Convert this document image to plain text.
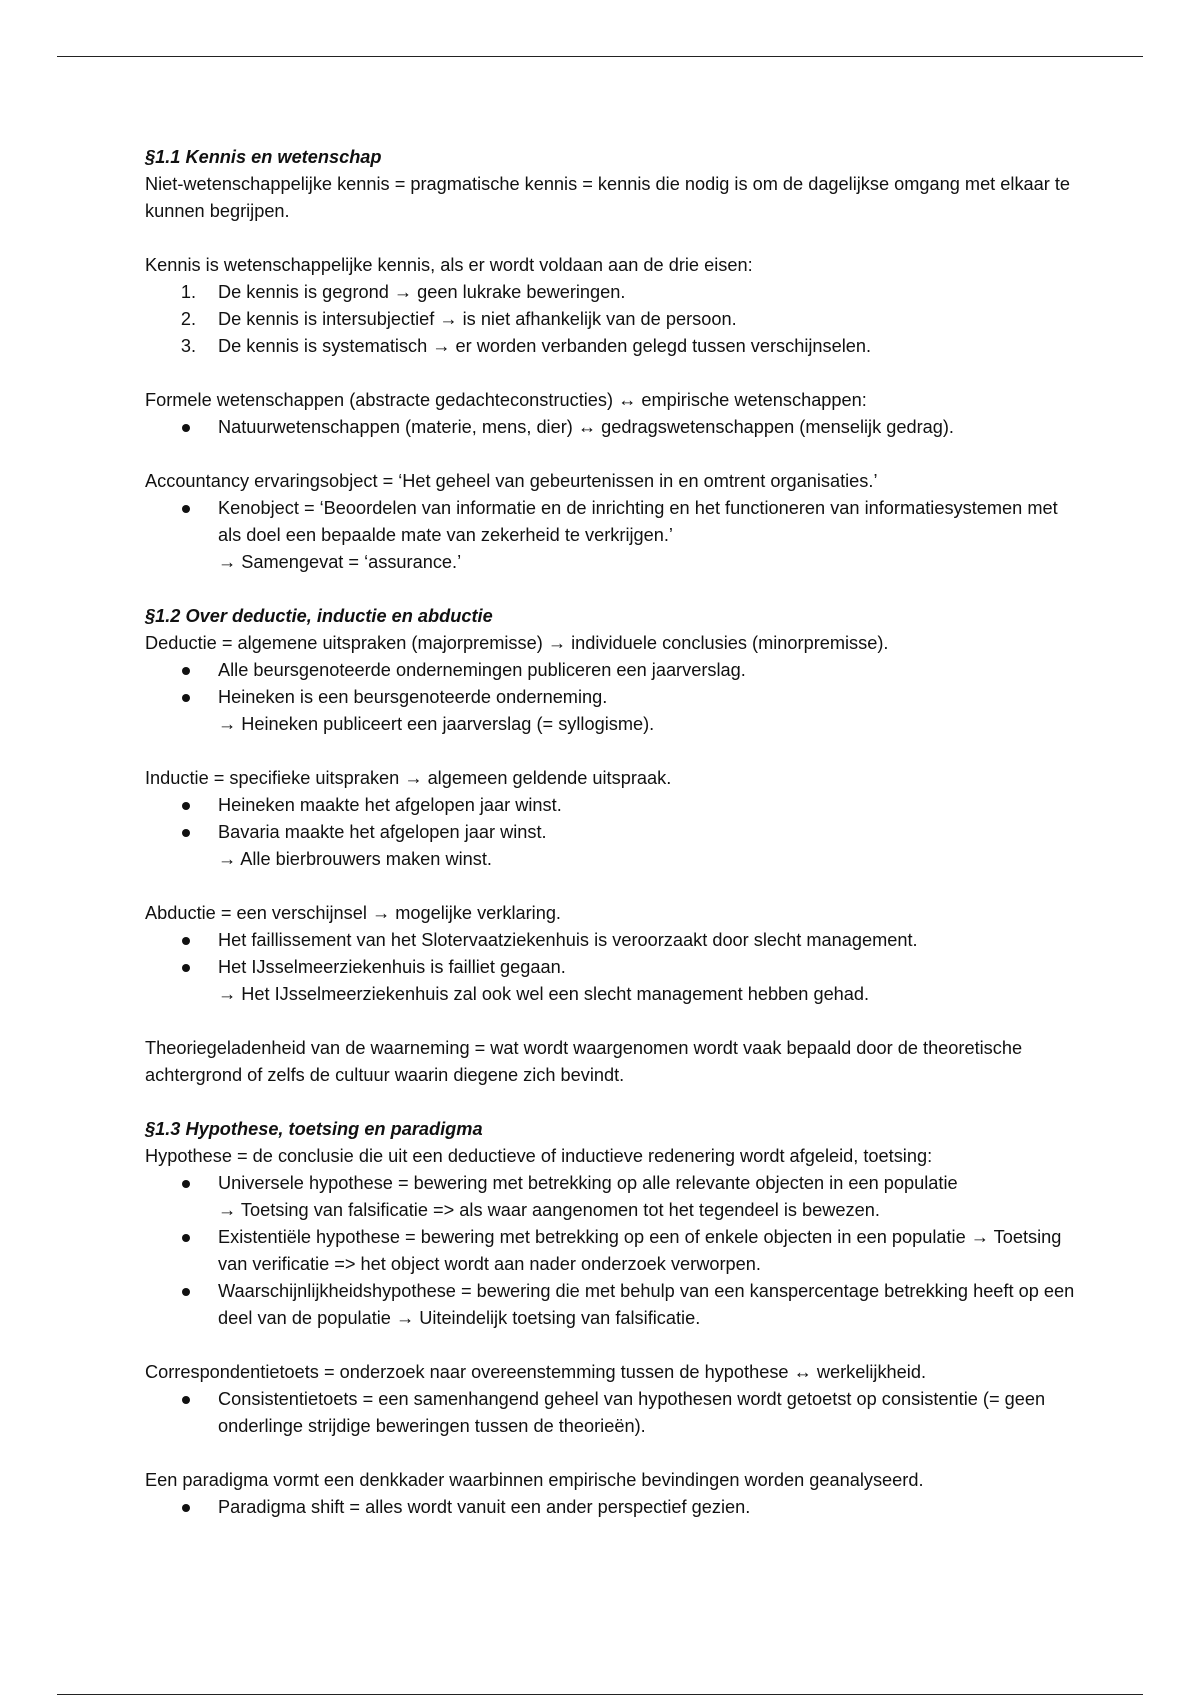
§1.1 Kennis en wetenschap

Niet-wetenschappelijke kennis = pragmatische kennis = kennis die nodig is om de dagelijkse omgang met elkaar te kunnen begrijpen.

Kennis is wetenschappelijke kennis, als er wordt voldaan aan de drie eisen:

1. De kennis is gegrond → geen lukrake beweringen.
2. De kennis is intersubjectief → is niet afhankelijk van de persoon.
3. De kennis is systematisch → er worden verbanden gelegd tussen verschijnselen.

Formele wetenschappen (abstracte gedachteconstructies) ↔ empirische wetenschappen:

Natuurwetenschappen (materie, mens, dier) ↔ gedragswetenschappen (menselijk gedrag).

Accountancy ervaringsobject = ‘Het geheel van gebeurtenissen in en omtrent organisaties.’

Kenobject = ‘Beoordelen van informatie en de inrichting en het functioneren van informatiesystemen met als doel een bepaalde mate van zekerheid te verkrijgen.’
→ Samengevat = ‘assurance.’

§1.2 Over deductie, inductie en abductie

Deductie = algemene uitspraken (majorpremisse) → individuele conclusies (minorpremisse).

Alle beursgenoteerde ondernemingen publiceren een jaarverslag.
Heineken is een beursgenoteerde onderneming.
→ Heineken publiceert een jaarverslag (= syllogisme).

Inductie = specifieke uitspraken → algemeen geldende uitspraak.

Heineken maakte het afgelopen jaar winst.
Bavaria maakte het afgelopen jaar winst.
→ Alle bierbrouwers maken winst.

Abductie = een verschijnsel → mogelijke verklaring.

Het faillissement van het Slotervaatziekenhuis is veroorzaakt door slecht management.
Het IJsselmeerziekenhuis is failliet gegaan.
→ Het IJsselmeerziekenhuis zal ook wel een slecht management hebben gehad.

Theoriegeladenheid van de waarneming = wat wordt waargenomen wordt vaak bepaald door de theoretische achtergrond of zelfs de cultuur waarin diegene zich bevindt.

§1.3 Hypothese, toetsing en paradigma

Hypothese = de conclusie die uit een deductieve of inductieve redenering wordt afgeleid, toetsing:

Universele hypothese = bewering met betrekking op alle relevante objecten in een populatie
→ Toetsing van falsificatie => als waar aangenomen tot het tegendeel is bewezen.
Existentiële hypothese = bewering met betrekking op een of enkele objecten in een populatie → Toetsing van verificatie => het object wordt aan nader onderzoek verworpen.
Waarschijnlijkheidshypothese = bewering die met behulp van een kanspercentage betrekking heeft op een deel van de populatie → Uiteindelijk toetsing van falsificatie.

Correspondentietoets = onderzoek naar overeenstemming tussen de hypothese ↔ werkelijkheid.

Consistentietoets = een samenhangend geheel van hypothesen wordt getoetst op consistentie (= geen onderlinge strijdige beweringen tussen de theorieën).

Een paradigma vormt een denkkader waarbinnen empirische bevindingen worden geanalyseerd.

Paradigma shift = alles wordt vanuit een ander perspectief gezien.
